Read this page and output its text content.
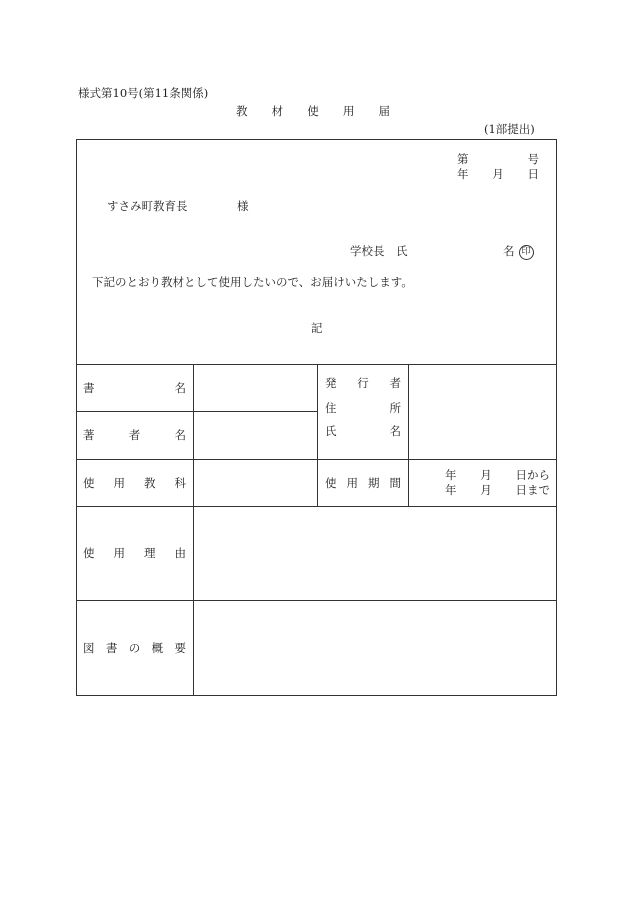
様式第10号(第11条関係)
教 材 使 用 届
(1部提出)
第	号
年 月 日
すさみ町教育長	様
学校長　氏	名 印
下記のとおり教材として使用したいので、お届けいたします。
記
書	名
著	者	名
発 行 者
住	所
氏	名
使 用 教 科	使 用 期 間
年 月 日から
年 月 日まで
使 用 理 由
図 書 の 概 要
